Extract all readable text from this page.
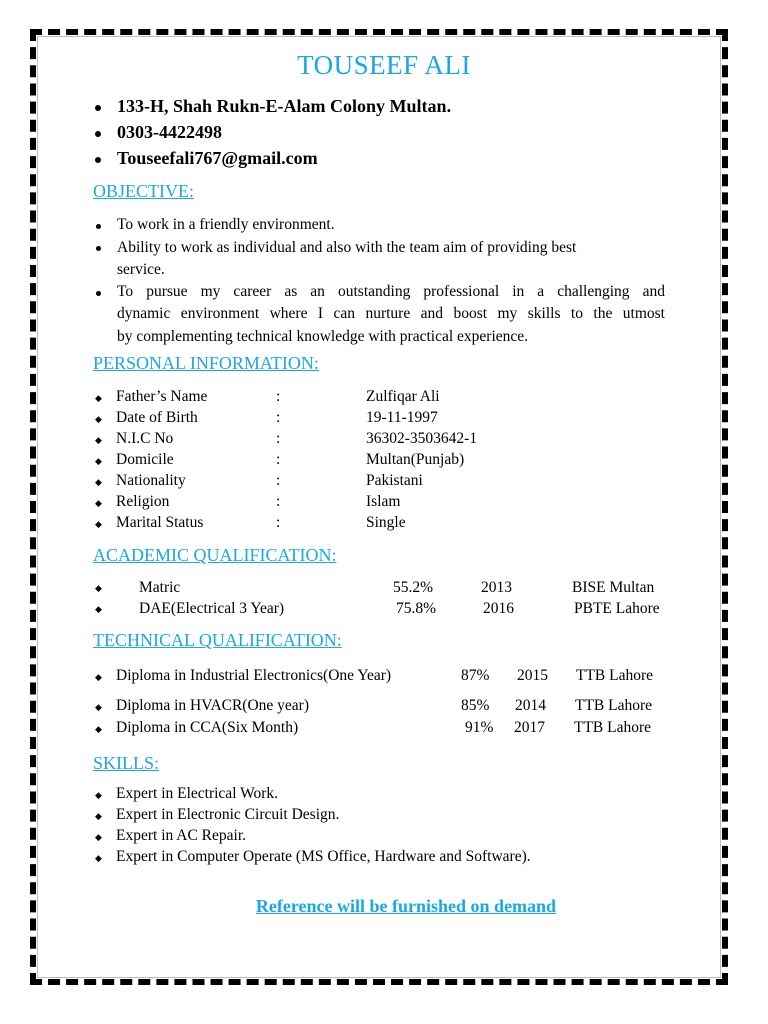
TOUSEEF ALI
133-H, Shah Rukn-E-Alam Colony Multan.
0303-4422498
Touseefali767@gmail.com
OBJECTIVE:
To work in a friendly environment.
Ability to work as individual and also with the team aim of providing best
service.
To pursue my career as an outstanding professional in a challenging and
dynamic environment where I can nurture and boost my skills to the utmost
by complementing technical knowledge with practical experience.
PERSONAL INFORMATION:
◆ Father’s Name	:	Zulfiqar Ali
◆ Date of Birth	:	19-11-1997
◆ N.I.C No	:	36302-3503642-1
◆ Domicile	:	Multan(Punjab)
◆ Nationality	:	Pakistani
◆ Religion	:	Islam
◆ Marital Status	:	Single
ACADEMIC QUALIFICATION:
◆ Matric	55.2%	2013	BISE Multan
◆ DAE(Electrical 3 Year)	75.8%	2016	PBTE Lahore
TECHNICAL QUALIFICATION:
◆ Diploma in Industrial Electronics(One Year)	87% 2015 TTB Lahore
◆ Diploma in HVACR(One year)	85% 2014 TTB Lahore
◆ Diploma in CCA(Six Month)	91% 2017 TTB Lahore
SKILLS:
◆ Expert in Electrical Work.
◆ Expert in Electronic Circuit Design.
◆ Expert in AC Repair.
◆ Expert in Computer Operate (MS Office, Hardware and Software).
Reference will be furnished on demand
